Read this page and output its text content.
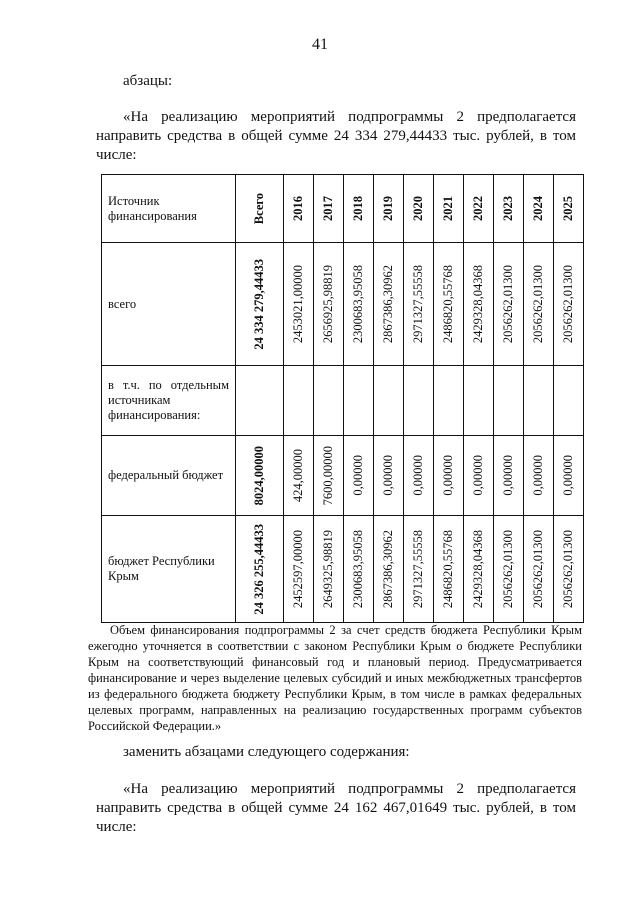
41
абзацы:
«На реализацию мероприятий подпрограммы 2 предполагается направить средства в общей сумме 24 334 279,44433 тыс. рублей, в том числе:
Источник финансирования	Всего	2016	2017	2018	2019	2020	2021	2022	2023	2024	2025

всего	24 334 279,44433	2453021,00000	2656925,98819	2300683,95058	2867386,30962	2971327,55558	2486820,55768	2429328,04368	2056262,01300	2056262,01300	2056262,01300

в т.ч. по отдельным источникам финансирования:	

федеральный бюджет	8024,00000	424,00000	7600,00000	0,00000	0,00000	0,00000	0,00000	0,00000	0,00000	0,00000	0,00000

бюджет Республики Крым	24 326 255,44433	2452597,00000	2649325,98819	2300683,95058	2867386,30962	2971327,55558	2486820,55768	2429328,04368	2056262,01300	2056262,01300	2056262,01300
Объем финансирования подпрограммы 2 за счет средств бюджета Республики Крым ежегодно уточняется в соответствии с законом Республики Крым о бюджете Республики Крым на соответствующий финансовый год и плановый период. Предусматривается финансирование и через выделение целевых субсидий и иных межбюджетных трансфертов из федерального бюджета бюджету Республики Крым, в том числе в рамках федеральных целевых программ, направленных на реализацию государственных программ субъектов Российской Федерации.»
заменить абзацами следующего содержания:
«На реализацию мероприятий подпрограммы 2 предполагается направить средства в общей сумме 24 162 467,01649 тыс. рублей, в том числе:
